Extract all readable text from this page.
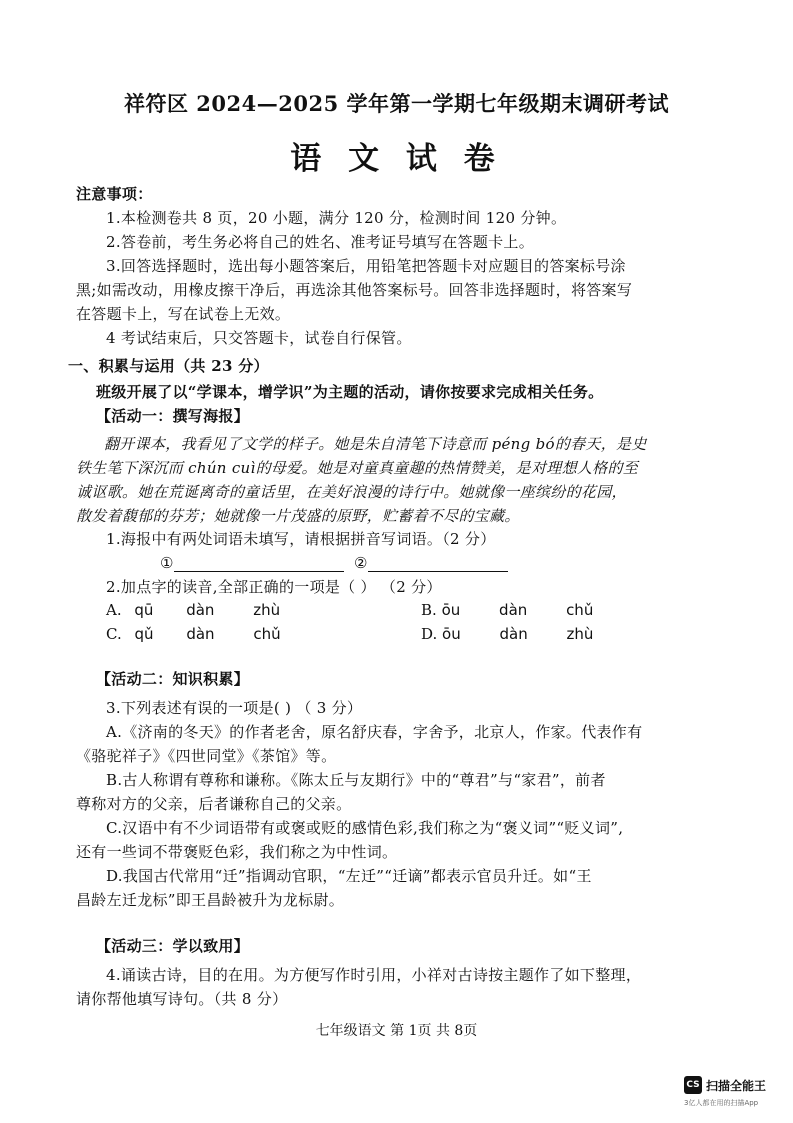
祥符区 2024—2025 学年第一学期七年级期末调研考试
语 文 试 卷
注意事项：
1.本检测卷共 8 页，20 小题，满分 120 分，检测时间 120 分钟。
2.答卷前，考生务必将自己的姓名、准考证号填写在答题卡上。
3.回答选择题时，选出每小题答案后，用铅笔把答题卡对应题目的答案标号涂
黑;如需改动，用橡皮擦干净后，再选涂其他答案标号。回答非选择题时，将答案写
在答题卡上，写在试卷上无效。
4 考试结束后，只交答题卡，试卷自行保管。
一、积累与运用（共 23 分）
班级开展了以“学课本，增学识”为主题的活动，请你按要求完成相关任务。
【活动一：撰写海报】
翻开课本，我看见了文学的样子。她是朱自清笔下诗意而 péng bó的春天，是史
铁生笔下深沉而 chún cuì的母爱。她是对童真童趣的热情赞美，是对理想人格的至
诚讴歌。她在荒诞离奇的童话里，在美好浪漫的诗行中。她就像一座缤纷的花园，
散发着馥郁的芬芳；她就像一片茂盛的原野，贮蓄着不尽的宝藏。
1.海报中有两处词语未填写，请根据拼音写词语。（2 分）
①	②
2.加点字的读音,全部正确的一项是（ ） （2 分）
A. qū dàn	zhù	B. ōu	dàn	chǔ
C. qǔ dàn	chǔ	D. ōu	dàn	zhù
【活动二：知识积累】
3.下列表述有误的一项是( ) （ 3 分）
A.《济南的冬天》的作者老舍，原名舒庆春，字舍予，北京人，作家。代表作有
《骆驼祥子》《四世同堂》《茶馆》等。
B.古人称谓有尊称和谦称。《陈太丘与友期行》中的“尊君”与“家君”，前者
尊称对方的父亲，后者谦称自己的父亲。
C.汉语中有不少词语带有或褒或贬的感情色彩,我们称之为“褒义词”“贬义词”,
还有一些词不带褒贬色彩，我们称之为中性词。
D.我国古代常用“迁”指调动官职，“左迁”“迁谪”都表示官员升迁。如“王
昌龄左迁龙标”即王昌龄被升为龙标尉。
【活动三：学以致用】
4.诵读古诗，目的在用。为方便写作时引用，小祥对古诗按主题作了如下整理，
请你帮他填写诗句。（共 8 分）
七年级语文 第 1页 共 8页
CS 扫描全能王
3亿人都在用的扫描App
